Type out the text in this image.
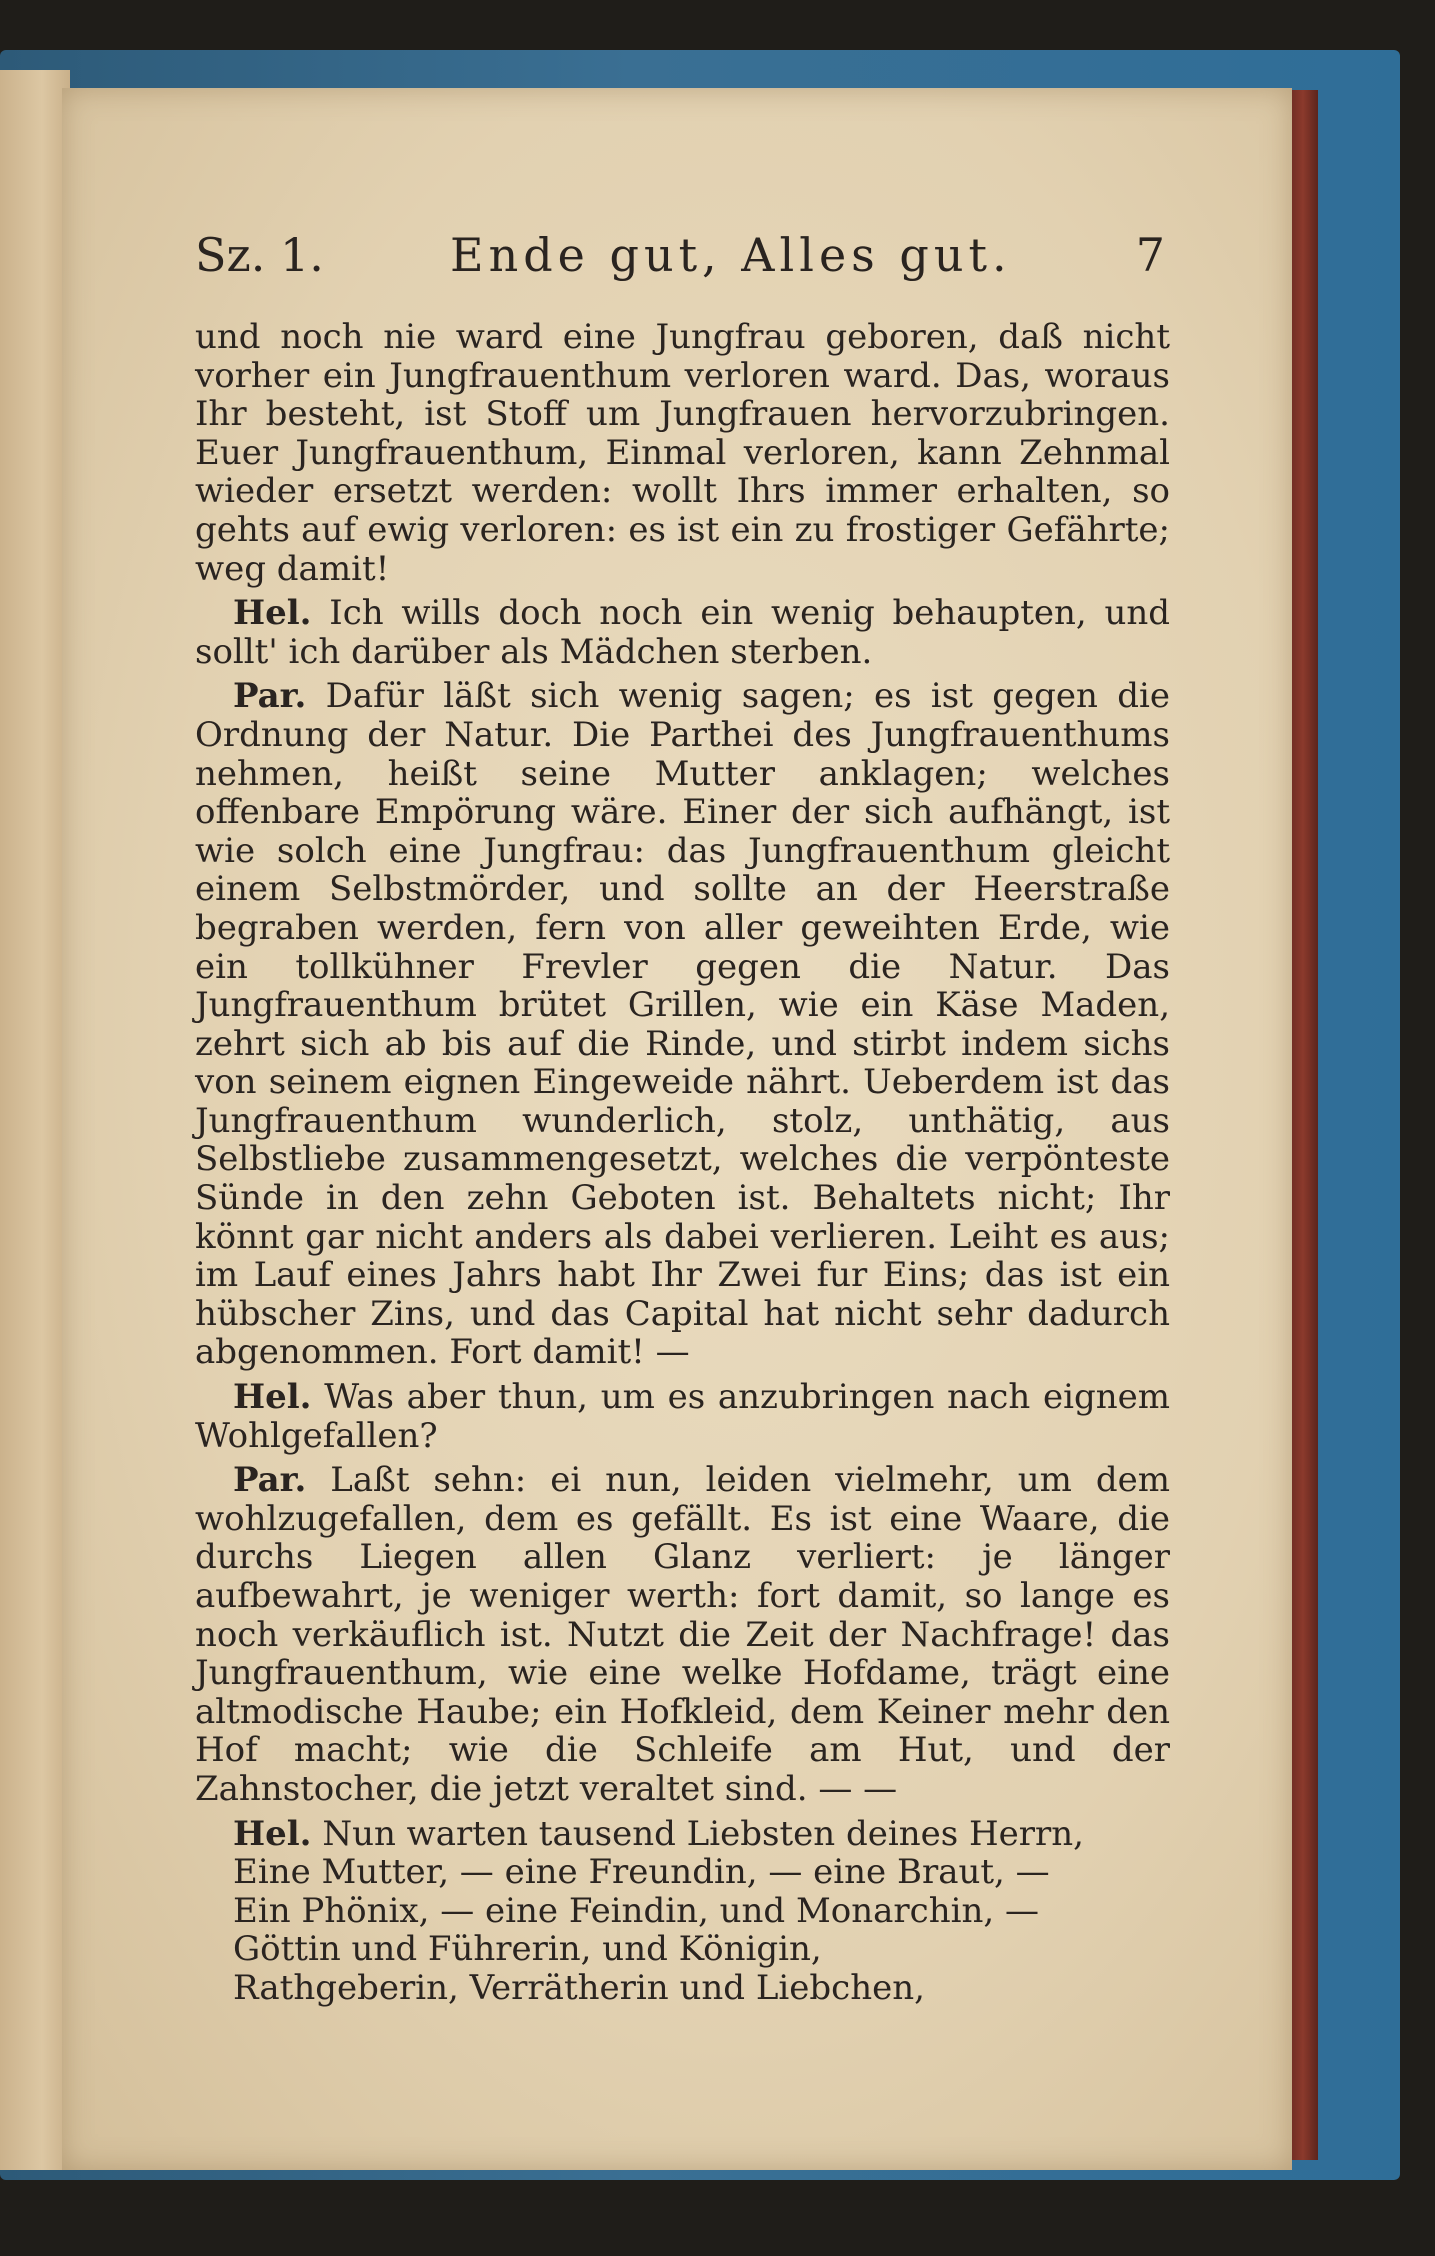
Sz. 1.	Ende gut, Alles gut.	7

und noch nie ward eine Jungfrau geboren, daß nicht vorher ein Jungfrauenthum verloren ward. Das, woraus Ihr besteht, ist Stoff um Jungfrauen hervorzubringen. Euer Jungfrauenthum, Einmal verloren, kann Zehnmal wieder ersetzt werden: wollt Ihrs immer erhalten, so gehts auf ewig verloren: es ist ein zu frostiger Gefährte; weg damit!

Hel. Ich wills doch noch ein wenig behaupten, und sollt' ich darüber als Mädchen sterben.

Par. Dafür läßt sich wenig sagen; es ist gegen die Ordnung der Natur. Die Parthei des Jungfrauenthums nehmen, heißt seine Mutter anklagen; welches offenbare Empörung wäre. Einer der sich aufhängt, ist wie solch eine Jungfrau: das Jungfrauenthum gleicht einem Selbstmörder, und sollte an der Heerstraße begraben werden, fern von aller geweihten Erde, wie ein tollkühner Frevler gegen die Natur. Das Jungfrauenthum brütet Grillen, wie ein Käse Maden, zehrt sich ab bis auf die Rinde, und stirbt indem sichs von seinem eignen Eingeweide nährt. Ueberdem ist das Jungfrauenthum wunderlich, stolz, unthätig, aus Selbstliebe zusammengesetzt, welches die verpönteste Sünde in den zehn Geboten ist. Behaltets nicht; Ihr könnt gar nicht anders als dabei verlieren. Leiht es aus; im Lauf eines Jahrs habt Ihr Zwei fur Eins; das ist ein hübscher Zins, und das Capital hat nicht sehr dadurch abgenommen. Fort damit! —

Hel. Was aber thun, um es anzubringen nach eignem Wohlgefallen?

Par. Laßt sehn: ei nun, leiden vielmehr, um dem wohlzugefallen, dem es gefällt. Es ist eine Waare, die durchs Liegen allen Glanz verliert: je länger aufbewahrt, je weniger werth: fort damit, so lange es noch verkäuflich ist. Nutzt die Zeit der Nachfrage! das Jungfrauenthum, wie eine welke Hofdame, trägt eine altmodische Haube; ein Hofkleid, dem Keiner mehr den Hof macht; wie die Schleife am Hut, und der Zahnstocher, die jetzt veraltet sind. — —

Hel. Nun warten tausend Liebsten deines Herrn,
Eine Mutter, — eine Freundin, — eine Braut, —
Ein Phönix, — eine Feindin, und Monarchin, —
Göttin und Führerin, und Königin,
Rathgeberin, Verrätherin und Liebchen,
